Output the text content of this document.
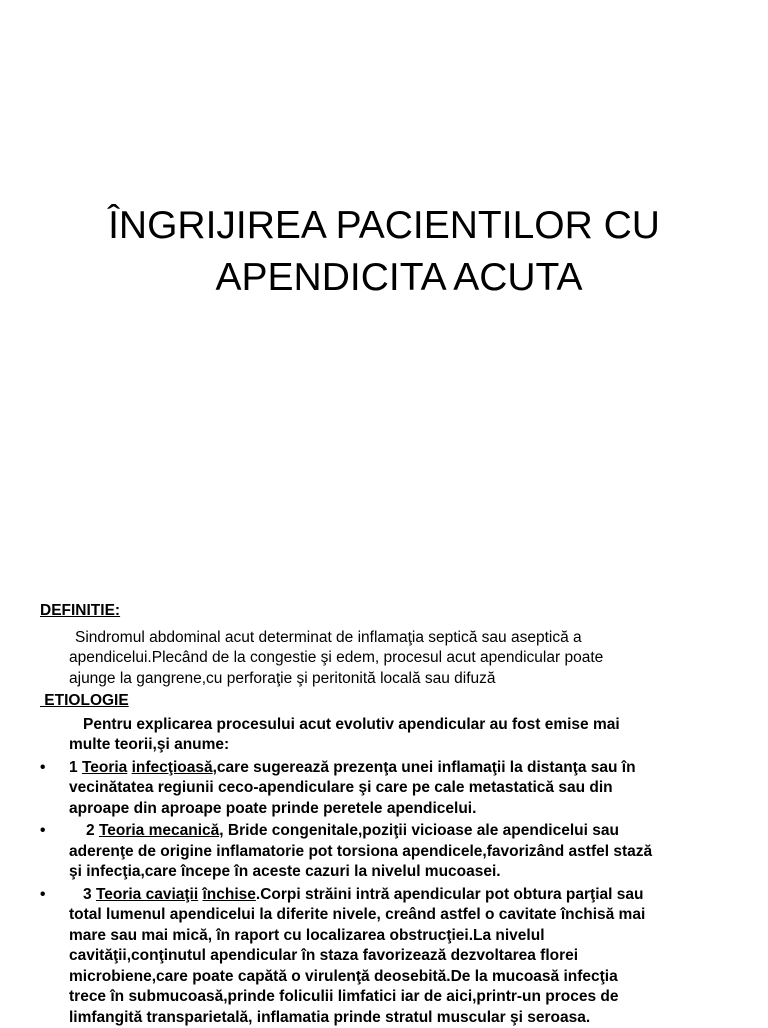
ÎNGRIJIREA PACIENTILOR CU
APENDICITA ACUTA
DEFINITIE:
Sindromul abdominal acut determinat de inflamaţia septică sau aseptică a
apendicelui.Plecând de la congestie şi edem, procesul acut apendicular poate
ajunge la gangrene,cu perforaţie şi peritonită locală sau difuză
ETIOLOGIE
Pentru explicarea procesului acut evolutiv apendicular au fost emise mai
multe teorii,şi anume:
•	1 Teoria infecţioasă,care sugerează prezenţa unei inflamaţii la distanţa sau în
vecinătatea regiunii ceco-apendiculare şi care pe cale metastatică sau din
aproape din aproape poate prinde peretele apendicelui.
•	2 Teoria mecanică, Bride congenitale,poziţii vicioase ale apendicelui sau
aderenţe de origine inflamatorie pot torsiona apendicele,favorizând astfel stază
şi infecţia,care începe în aceste cazuri la nivelul mucoasei.
•	3 Teoria caviaţii închise.Corpi străini intră apendicular pot obtura parţial sau
total lumenul apendicelui la diferite nivele, creând astfel o cavitate închisă mai
mare sau mai mică, în raport cu localizarea obstrucţiei.La nivelul
cavităţii,conţinutul apendicular în staza favorizează dezvoltarea florei
microbiene,care poate capătă o virulenţă deosebită.De la mucoasă infecţia
trece în submucoasă,prinde foliculii limfatici iar de aici,printr-un proces de
limfangită transparietală, inflamatia prinde stratul muscular şi seroasa.
